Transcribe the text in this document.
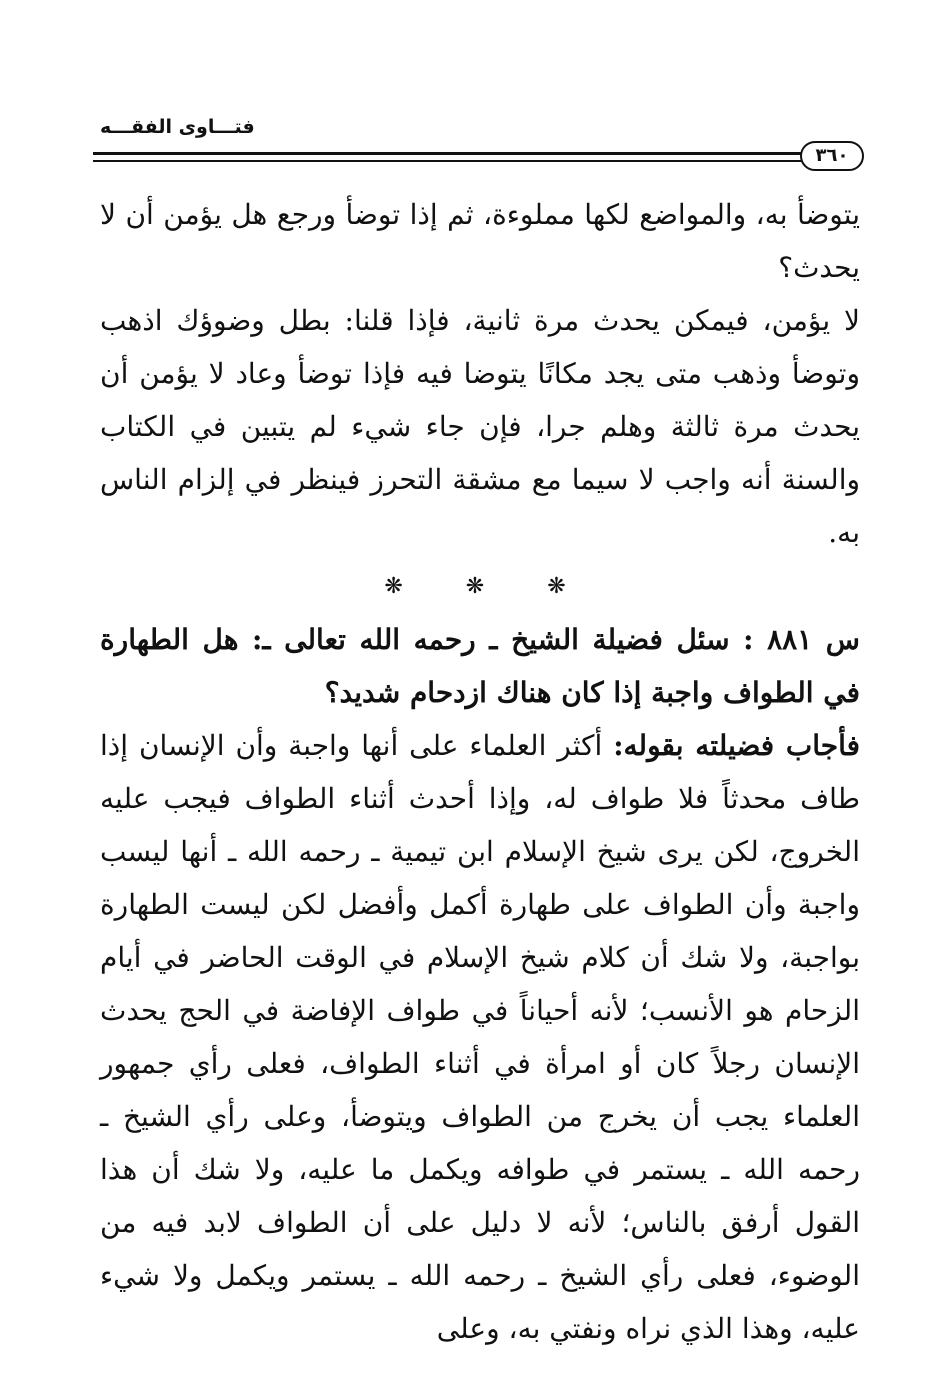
فتـــاوى الفقـــه
٣٦٠

يتوضأ به، والمواضع لكها مملوءة، ثم إذا توضأ ورجع هل يؤمن أن لا يحدث؟

لا يؤمن، فيمكن يحدث مرة ثانية، فإذا قلنا: بطل وضوؤك اذهب وتوضأ وذهب متى يجد مكانًا يتوضا فيه فإذا توضأ وعاد لا يؤمن أن يحدث مرة ثالثة وهلم جرا، فإن جاء شيء لم يتبين في الكتاب والسنة أنه واجب لا سيما مع مشقة التحرز فينظر في إلزام الناس به.

❋ ❋ ❋

س ٨٨١ : سئل فضيلة الشيخ ـ رحمه الله تعالى ـ: هل الطهارة في الطواف واجبة إذا كان هناك ازدحام شديد؟

فأجاب فضيلته بقوله: أكثر العلماء على أنها واجبة وأن الإنسان إذا طاف محدثاً فلا طواف له، وإذا أحدث أثناء الطواف فيجب عليه الخروج، لكن يرى شيخ الإسلام ابن تيمية ـ رحمه الله ـ أنها ليسب واجبة وأن الطواف على طهارة أكمل وأفضل لكن ليست الطهارة بواجبة، ولا شك أن كلام شيخ الإسلام في الوقت الحاضر في أيام الزحام هو الأنسب؛ لأنه أحياناً في طواف الإفاضة في الحج يحدث الإنسان رجلاً كان أو امرأة في أثناء الطواف، فعلى رأي جمهور العلماء يجب أن يخرج من الطواف ويتوضأ، وعلى رأي الشيخ ـ رحمه الله ـ يستمر في طوافه ويكمل ما عليه، ولا شك أن هذا القول أرفق بالناس؛ لأنه لا دليل على أن الطواف لابد فيه من الوضوء، فعلى رأي الشيخ ـ رحمه الله ـ يستمر ويكمل ولا شيء عليه، وهذا الذي نراه ونفتي به، وعلى
